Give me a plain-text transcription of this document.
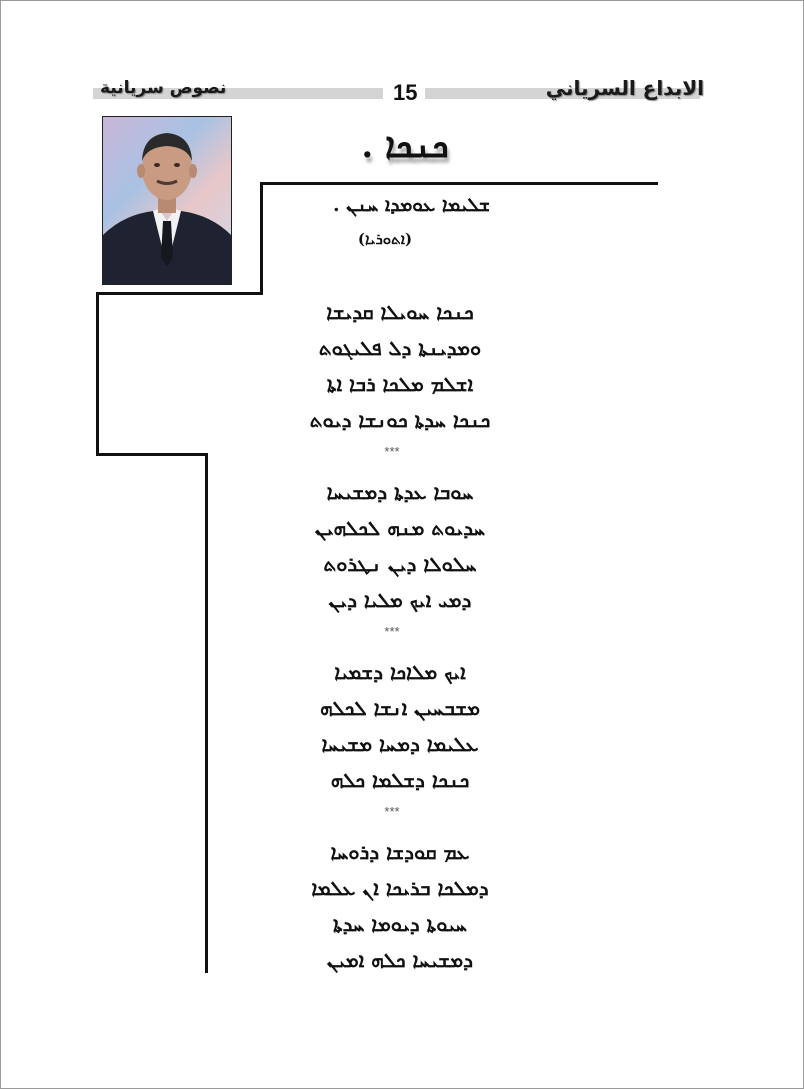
نصوص سريانية	الابداع السرياني
15
ܟܢܟܐ .
ܫܠܝܡܐ ܥܘܡܕܐ ܚܢܢ .
(ܐܬܘܪܝܐ)
ܟܢܟܐ ܚܘܝܠܐ ܩܕܝܫܐ
ܘܡܕܝܢܬܐ ܕܠ ܦܠܝܓܘܬ
ܐܫܠܡ ܡܠܟܐ ܪܒܐ ܐܬܐ
ܟܢܟܐ ܚܕܬܐ ܟܘܢܫܐ ܕܝܘܬ
***
ܚܘܒܐ ܥܕܬܐ ܕܡܫܝܚܐ
ܚܕܝܘܬ ܡܢܗ ܠܟܠܗܝܢ
ܚܠܘܠܐ ܕܝܢ ܢܛܪܘܬ
ܕܡܝ ܐܝܟ ܡܠܝܐ ܕܝܢ
***
ܐܝܟ ܡܠܐܟܐ ܕܫܡܝܐ
ܡܫܒܚܝܢ ܐܢܫܐ ܠܟܠܗ
ܥܠܝܡܐ ܕܡܚܐ ܡܫܝܚܐ
ܟܢܟܐ ܕܫܠܡܐ ܟܠܗ
***
ܥܡ ܩܘܕܫܐ ܕܪܘܚܐ
ܕܡܠܟܐ ܒܪܝܟܐ ܐܢ ܥܠܡܐ
ܚܝܘܬܐ ܕܝܘܡܐ ܚܕܬܐ
ܕܡܫܝܚܐ ܟܠܗ ܐܡܝܢ
